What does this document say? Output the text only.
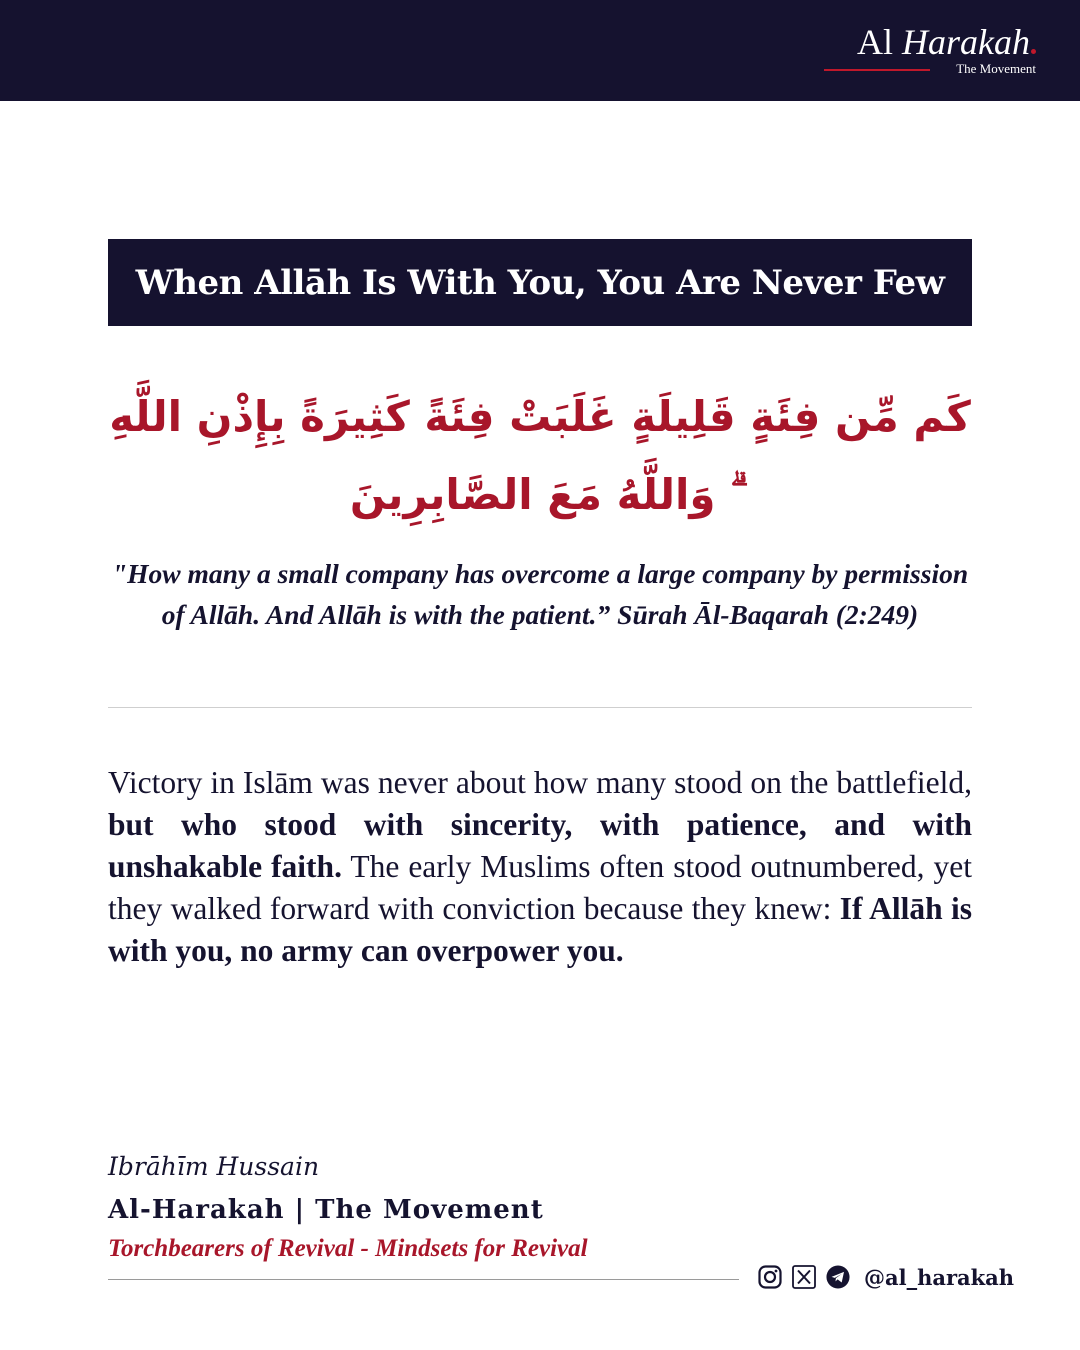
Al Harakah
The Movement
When Allāh Is With You, You Are Never Few
كَم مِّن فِئَةٍ قَلِيلَةٍ غَلَبَتْ فِئَةً كَثِيرَةً بِإِذْنِ اللَّهِ ۗ وَاللَّهُ مَعَ الصَّابِرِينَ
"How many a small company has overcome a large company by permission of Allāh. And Allāh is with the patient.” Sūrah Āl-Baqarah (2:249)
Victory in Islām was never about how many stood on the battlefield, but who stood with sincerity, with patience, and with unshakable faith. The early Muslims often stood outnumbered, yet they walked forward with conviction because they knew: If Allāh is with you, no army can overpower you.
Ibrāhīm Hussain
Al-Harakah | The Movement
Torchbearers of Revival - Mindsets for Revival
@al_harakah
